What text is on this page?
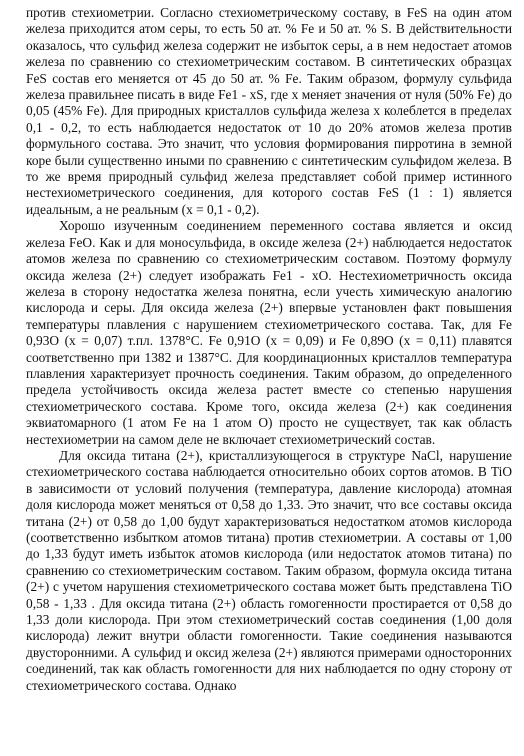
против стехиометрии. Согласно стехиометрическому составу, в FeS на один атом железа приходится атом серы, то есть 50 ат. % Fe и 50 ат. % S. В действительности оказалось, что сульфид железа содержит не избыток серы, а в нем недостает атомов железа по сравнению со стехиометрическим составом. В синтетических образцах FeS состав его меняется от 45 до 50 ат. % Fe. Таким образом, формулу сульфида железа правильнее писать в виде Fe1 - xS, где x меняет значения от нуля (50% Fe) до 0,05 (45% Fe). Для природных кристаллов сульфида железа x колеблется в пределах 0,1 - 0,2, то есть наблюдается недостаток от 10 до 20% атомов железа против формульного состава. Это значит, что условия формирования пирротина в земной коре были существенно иными по сравнению с синтетическим сульфидом железа. В то же время природный сульфид железа представляет собой пример истинного нестехиометрического соединения, для которого состав FeS (1 : 1) является идеальным, а не реальным (x = 0,1 - 0,2).

Хорошо изученным соединением переменного состава является и оксид железа FeO. Как и для моносульфида, в оксиде железа (2+) наблюдается недостаток атомов железа по сравнению со стехиометрическим составом. Поэтому формулу оксида железа (2+) следует изображать Fe1 - xO. Нестехиометричность оксида железа в сторону недостатка железа понятна, если учесть химическую аналогию кислорода и серы. Для оксида железа (2+) впервые установлен факт повышения температуры плавления с нарушением стехиометрического состава. Так, для Fe 0,93O (x = 0,07) т.пл. 1378°С. Fe 0,91O (x = 0,09) и Fe 0,89O (x = 0,11) плавятся соответственно при 1382 и 1387°С. Для координационных кристаллов температура плавления характеризует прочность соединения. Таким образом, до определенного предела устойчивость оксида железа растет вместе со степенью нарушения стехиометрического состава. Кроме того, оксида железа (2+) как соединения эквиатомарного (1 атом Fe на 1 атом O) просто не существует, так как область нестехиометрии на самом деле не включает стехиометрический состав.

Для оксида титана (2+), кристаллизующегося в структуре NaCl, нарушение стехиометрического состава наблюдается относительно обоих сортов атомов. В TiO в зависимости от условий получения (температура, давление кислорода) атомная доля кислорода может меняться от 0,58 до 1,33. Это значит, что все составы оксида титана (2+) от 0,58 до 1,00 будут характеризоваться недостатком атомов кислорода (соответственно избытком атомов титана) против стехиометрии. А составы от 1,00 до 1,33 будут иметь избыток атомов кислорода (или недостаток атомов титана) по сравнению со стехиометрическим составом. Таким образом, формула оксида титана (2+) с учетом нарушения стехиометрического состава может быть представлена TiO 0,58 - 1,33 . Для оксида титана (2+) область гомогенности простирается от 0,58 до 1,33 доли кислорода. При этом стехиометрический состав соединения (1,00 доля кислорода) лежит внутри области гомогенности. Такие соединения называются двусторонними. А сульфид и оксид железа (2+) являются примерами односторонних соединений, так как область гомогенности для них наблюдается по одну сторону от стехиометрического состава. Однако
